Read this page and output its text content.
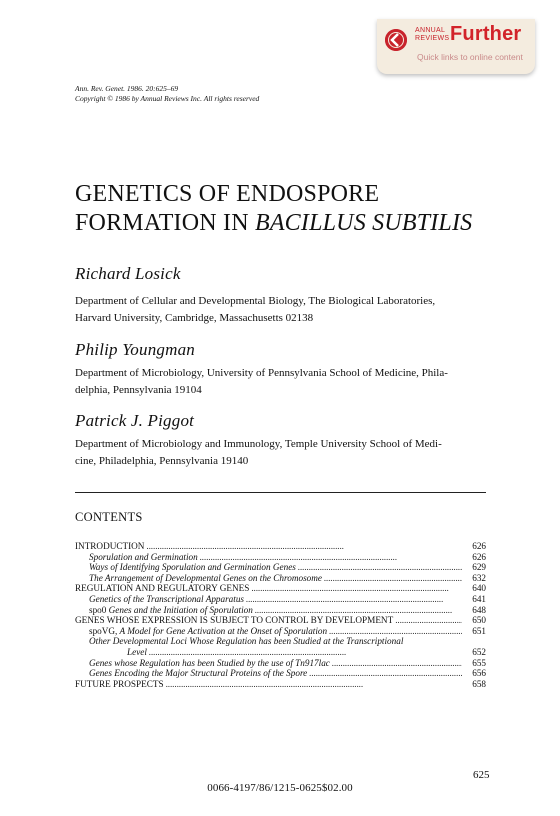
ANNUAL
REVIEWS Further
Quick links to online content
Ann. Rev. Genet. 1986. 20:625–69
Copyright © 1986 by Annual Reviews Inc. All rights reserved
GENETICS OF ENDOSPORE
FORMATION IN BACILLUS SUBTILIS
Richard Losick
Department of Cellular and Developmental Biology, The Biological Laboratories,
Harvard University, Cambridge, Massachusetts 02138
Philip Youngman
Department of Microbiology, University of Pennsylvania School of Medicine, Phila-
delphia, Pennsylvania 19104
Patrick J. Piggot
Department of Microbiology and Immunology, Temple University School of Medi-
cine, Philadelphia, Pennsylvania 19140
CONTENTS
INTRODUCTION . . .	626
Sporulation and Germination . . .	626
Ways of Identifying Sporulation and Germination Genes . . .	629
The Arrangement of Developmental Genes on the Chromosome . . .	632
REGULATION AND REGULATORY GENES . . .	640
Genetics of the Transcriptional Apparatus . . .	641
spo0 Genes and the Initiation of Sporulation . . .	648
GENES WHOSE EXPRESSION IS SUBJECT TO CONTROL BY DEVELOPMENT . . .	650
spoVG, A Model for Gene Activation at the Onset of Sporulation . . .	651
Other Developmental Loci Whose Regulation has been Studied at the Transcriptional
Level . . .	652
Genes whose Regulation has been Studied by the use of Tn917lac . . .	655
Genes Encoding the Major Structural Proteins of the Spore . . .	656
FUTURE PROSPECTS . . .	658
625
0066-4197/86/1215-0625$02.00
